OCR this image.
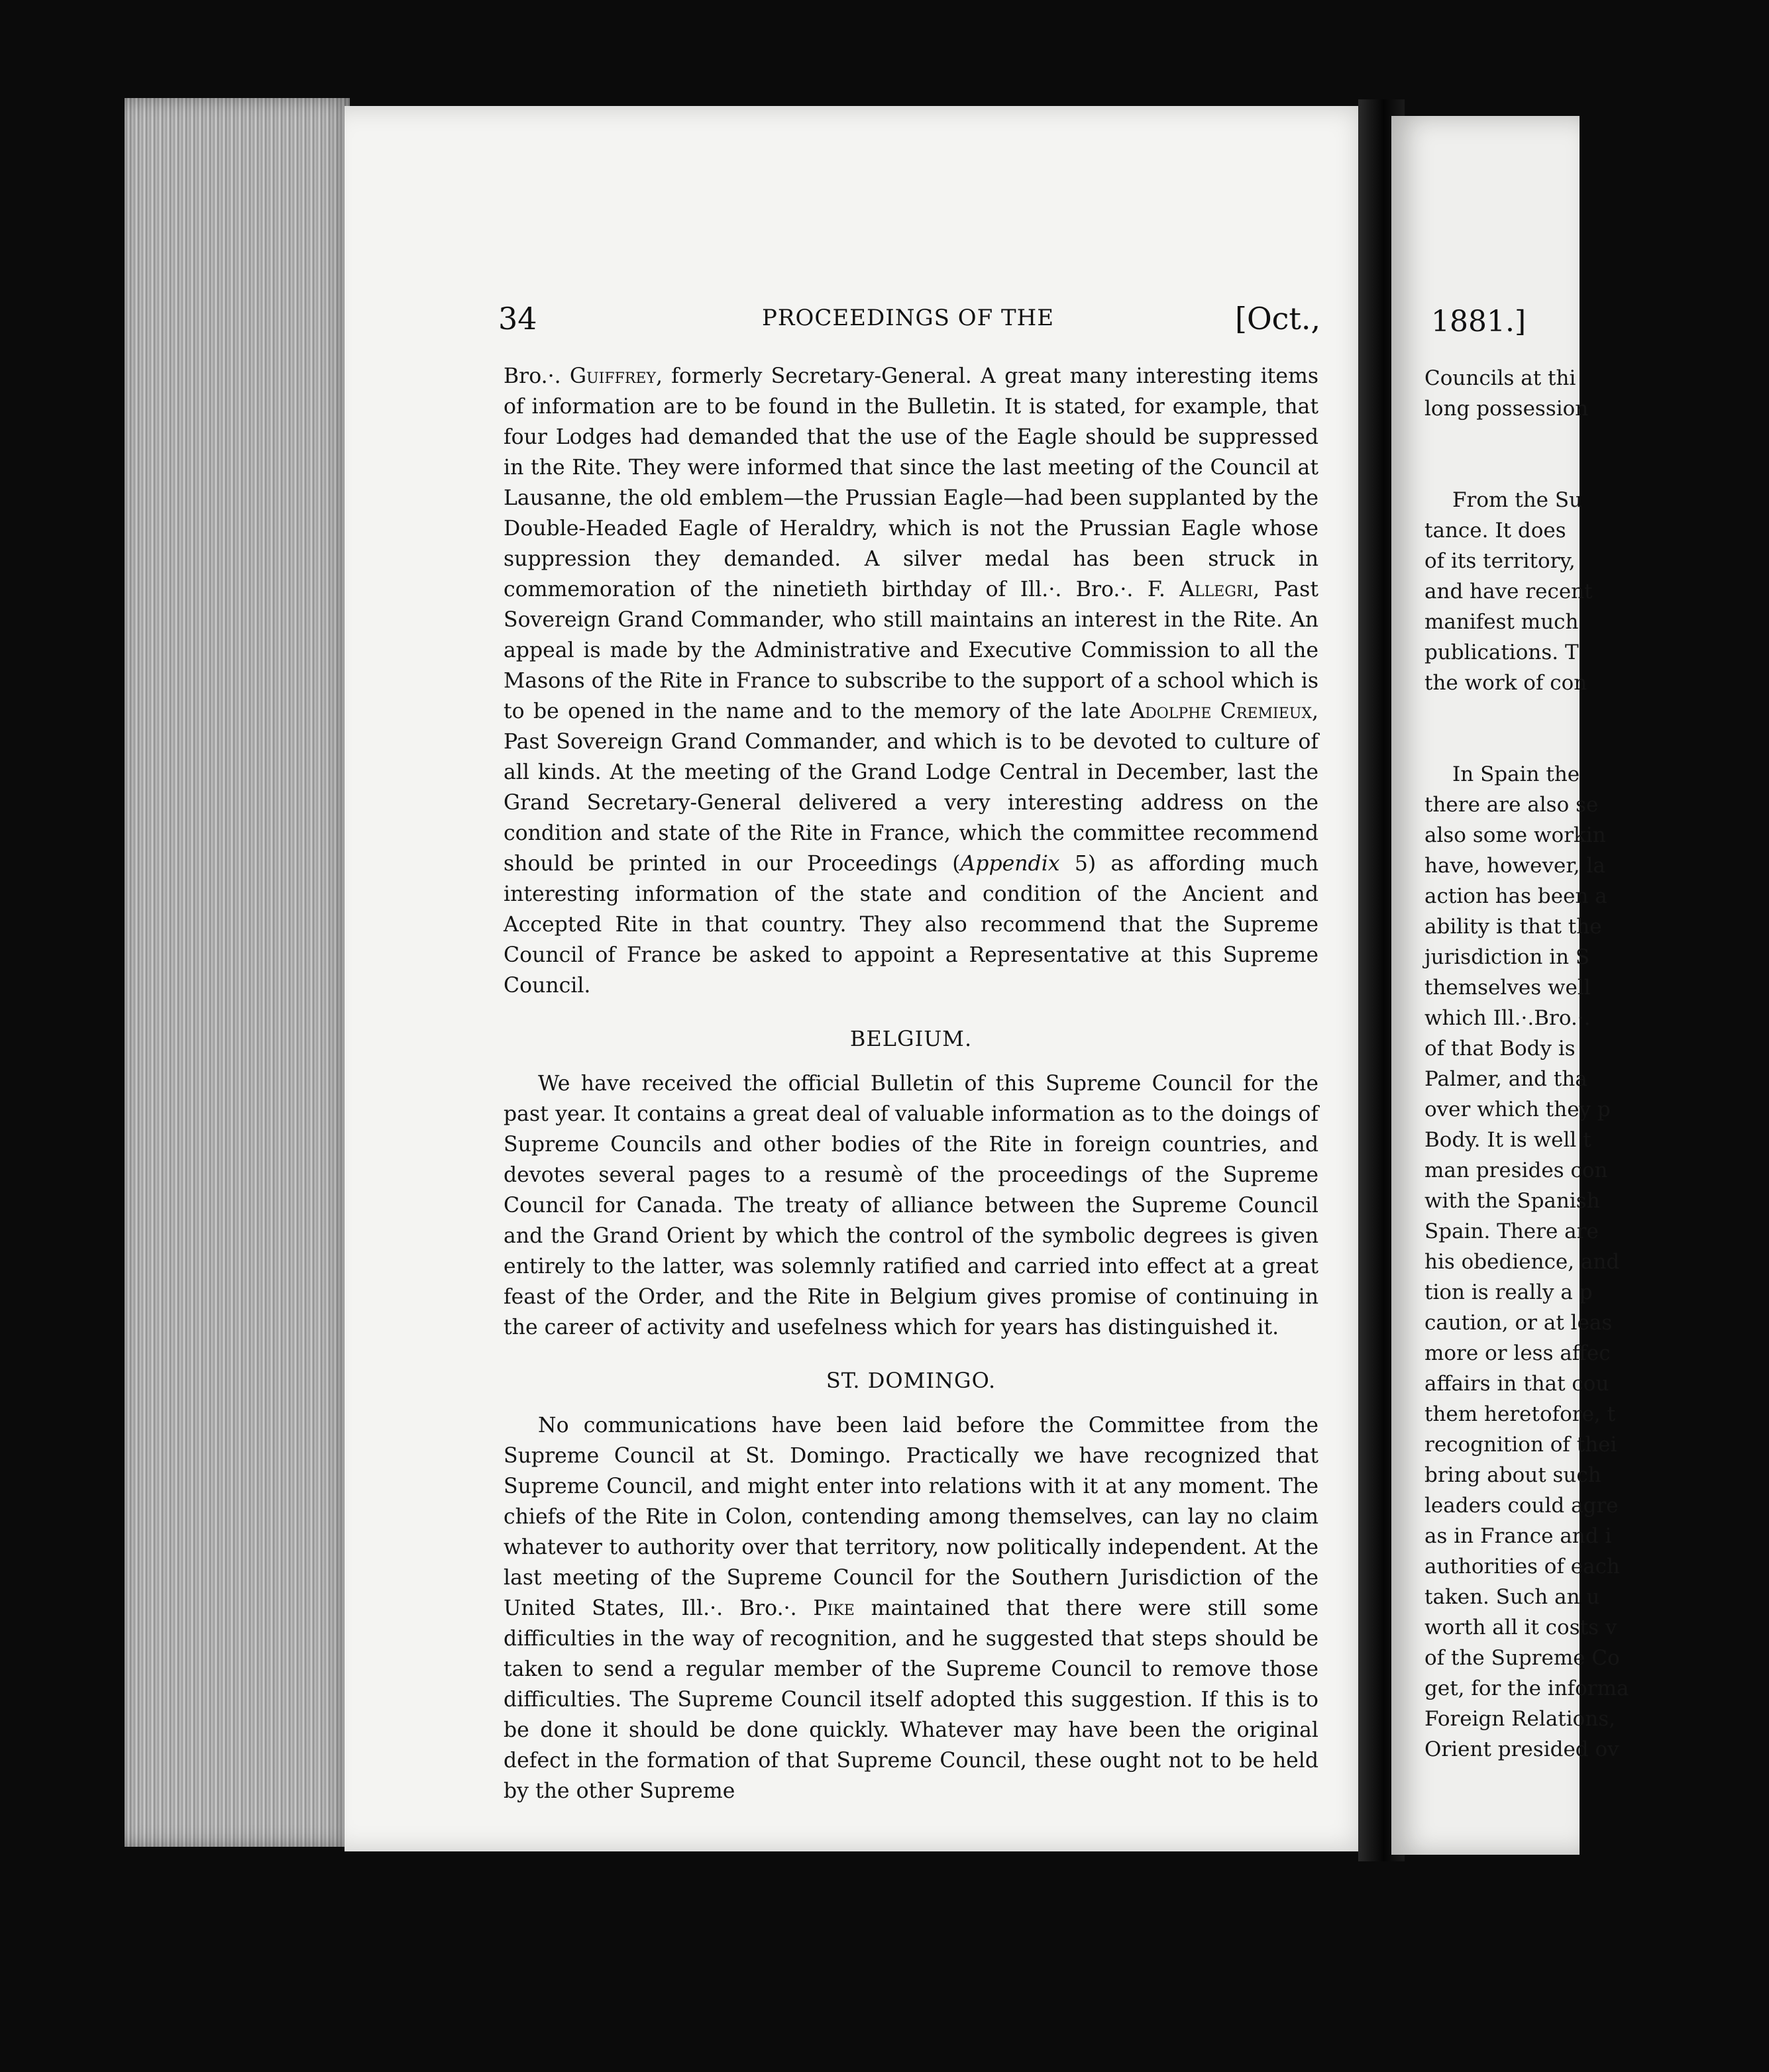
34	PROCEEDINGS OF THE	[Oct.,

Bro.·. Guiffrey, formerly Secretary-General. A great many interesting items of information are to be found in the Bulletin. It is stated, for example, that four Lodges had demanded that the use of the Eagle should be suppressed in the Rite. They were informed that since the last meeting of the Council at Lausanne, the old emblem—the Prussian Eagle—had been supplanted by the Double-Headed Eagle of Heraldry, which is not the Prussian Eagle whose suppression they demanded. A silver medal has been struck in commemoration of the ninetieth birthday of Ill.·. Bro.·. F. Allegri, Past Sovereign Grand Commander, who still maintains an interest in the Rite. An appeal is made by the Administrative and Executive Commission to all the Masons of the Rite in France to subscribe to the support of a school which is to be opened in the name and to the memory of the late Adolphe Cremieux, Past Sovereign Grand Commander, and which is to be devoted to culture of all kinds. At the meeting of the Grand Lodge Central in December, last the Grand Secretary-General delivered a very interesting address on the condition and state of the Rite in France, which the committee recommend should be printed in our Proceedings (Appendix 5) as affording much interesting information of the state and condition of the Ancient and Accepted Rite in that country. They also recommend that the Supreme Council of France be asked to appoint a Representative at this Supreme Council.

BELGIUM.

We have received the official Bulletin of this Supreme Council for the past year. It contains a great deal of valuable information as to the doings of Supreme Councils and other bodies of the Rite in foreign countries, and devotes several pages to a resumè of the proceedings of the Supreme Council for Canada. The treaty of alliance between the Supreme Council and the Grand Orient by which the control of the symbolic degrees is given entirely to the latter, was solemnly ratified and carried into effect at a great feast of the Order, and the Rite in Belgium gives promise of continuing in the career of activity and usefelness which for years has distinguished it.

ST. DOMINGO.

No communications have been laid before the Committee from the Supreme Council at St. Domingo. Practically we have recognized that Supreme Council, and might enter into relations with it at any moment. The chiefs of the Rite in Colon, contending among themselves, can lay no claim whatever to authority over that territory, now politically independent. At the last meeting of the Supreme Council for the Southern Jurisdiction of the United States, Ill.·. Bro.·. Pike maintained that there were still some difficulties in the way of recognition, and he suggested that steps should be taken to send a regular member of the Supreme Council to remove those difficulties. The Supreme Council itself adopted this suggestion. If this is to be done it should be done quickly. Whatever may have been the original defect in the formation of that Supreme Council, these ought not to be held by the other Supreme

1881.]
Councils at thi
long possession
From the Su
tance. It does
of its territory,
and have recent
manifest much
publications. T
the work of con
In Spain the
there are also se
also some workin
have, however, la
action has been a
ability is that the
jurisdiction in S
themselves well
which Ill.·.Bro.·.
of that Body is
Palmer, and tha
over which they p
Body. It is well t
man presides con
with the Spanish
Spain. There are
his obedience, and
tion is really a p
caution, or at leas
more or less affec
affairs in that cou
them heretofore, t
recognition of thei
bring about such
leaders could agre
as in France and i
authorities of each
taken. Such an u
worth all it costs v
of the Supreme Co
get, for the informa
Foreign Relations,
Orient presided ov
